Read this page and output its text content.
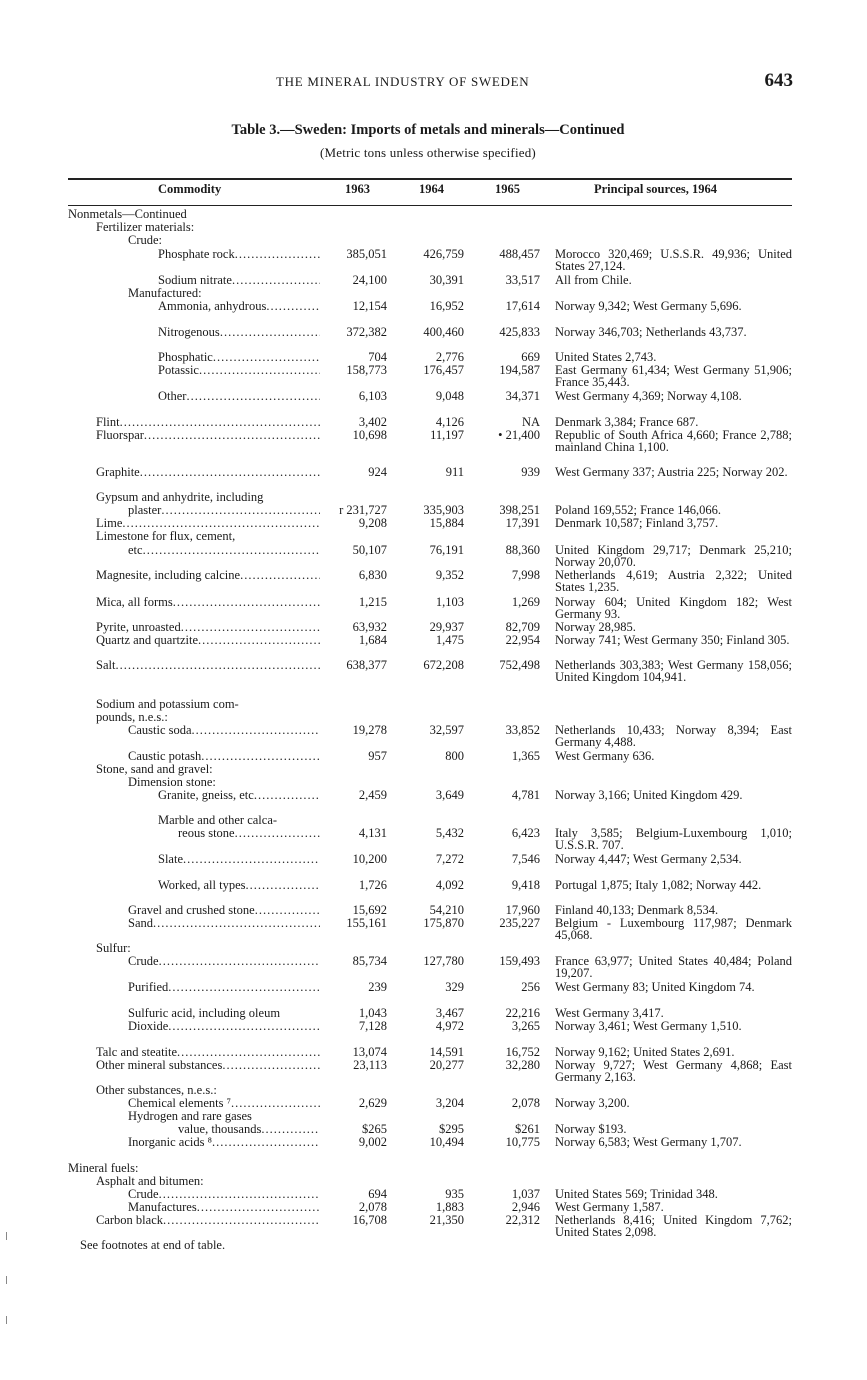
THE MINERAL INDUSTRY OF SWEDEN	643
Table 3.—Sweden: Imports of metals and minerals—Continued
(Metric tons unless otherwise specified)
Commodity	1963	1964	1965	Principal sources, 1964
Nonmetals—Continued
Fertilizer materials:
Crude:
Phosphate rock .....	385,051	426,759	488,457 Morocco 320,469; U.S.S.R. 49,936; United States 27,124.
Sodium nitrate .....	24,100	30,391	33,517 All from Chile.
Manufactured:
Ammonia, anhydrous .....	12,154	16,952	17,614 Norway 9,342; West Germany 5,696.
Nitrogenous .....	372,382	400,460	425,833 Norway 346,703; Netherlands 43,737.
Phosphatic .....	704	2,776	669 United States 2,743.
Potassic .....	158,773	176,457	194,587 East Germany 61,434; West Germany 51,906; France 35,443.
Other .....	6,103	9,048	34,371 West Germany 4,369; Norway 4,108.
Flint .....	3,402	4,126	NA Denmark 3,384; France 687.
Fluorspar .....	10,698	11,197	• 21,400 Republic of South Africa 4,660; France 2,788; mainland China 1,100.
Graphite .....	924	911	939 West Germany 337; Austria 225; Norway 202.
Gypsum and anhydrite, including
plaster .....	r 231,727	335,903	398,251 Poland 169,552; France 146,066.
Lime .....	9,208	15,884	17,391 Denmark 10,587; Finland 3,757.
Limestone for flux, cement,
etc .....	50,107	76,191	88,360 United Kingdom 29,717; Denmark 25,210; Norway 20,070.
Magnesite, including calcine .....	6,830	9,352	7,998 Netherlands 4,619; Austria 2,322; United States 1,235.
Mica, all forms .....	1,215	1,103	1,269 Norway 604; United Kingdom 182; West Germany 93.
Pyrite, unroasted .....	63,932	29,937	82,709 Norway 28,985.
Quartz and quartzite .....	1,684	1,475	22,954 Norway 741; West Germany 350; Finland 305.
Salt .....	638,377	672,208	752,498 Netherlands 303,383; West Germany 158,056; United Kingdom 104,941.
Sodium and potassium com-
pounds, n.e.s.:
Caustic soda .....	19,278	32,597	33,852 Netherlands 10,433; Norway 8,394; East Germany 4,488.
Caustic potash .....	957	800	1,365 West Germany 636.
Stone, sand and gravel:
Dimension stone:
Granite, gneiss, etc .....	2,459	3,649	4,781 Norway 3,166; United Kingdom 429.
Marble and other calca-
reous stone .....	4,131	5,432	6,423 Italy 3,585; Belgium-Luxembourg 1,010; U.S.S.R. 707.
Slate .....	10,200	7,272	7,546 Norway 4,447; West Germany 2,534.
Worked, all types .....	1,726	4,092	9,418 Portugal 1,875; Italy 1,082; Norway 442.
Gravel and crushed stone .....	15,692	54,210	17,960 Finland 40,133; Denmark 8,534.
Sand .....	155,161	175,870	235,227 Belgium - Luxembourg 117,987; Denmark 45,068.
Sulfur:
Crude .....	85,734	127,780	159,493 France 63,977; United States 40,484; Poland 19,207.
Purified .....	239	329	256 West Germany 83; United Kingdom 74.
Sulfuric acid, including oleum	1,043	3,467	22,216 West Germany 3,417.
Dioxide .....	7,128	4,972	3,265 Norway 3,461; West Germany 1,510.
Talc and steatite .....	13,074	14,591	16,752 Norway 9,162; United States 2,691.
Other mineral substances .....	23,113	20,277	32,280 Norway 9,727; West Germany 4,868; East Germany 2,163.
Other substances, n.e.s.:
Chemical elements ⁷ .....	2,629	3,204	2,078 Norway 3,200.
Hydrogen and rare gases
value, thousands .....	$265	$295	$261 Norway $193.
Inorganic acids ⁸ .....	9,002	10,494	10,775 Norway 6,583; West Germany 1,707.
Mineral fuels:
Asphalt and bitumen:
Crude .....	694	935	1,037 United States 569; Trinidad 348.
Manufactures .....	2,078	1,883	2,946 West Germany 1,587.
Carbon black .....	16,708	21,350	22,312 Netherlands 8,416; United Kingdom 7,762; United States 2,098.
See footnotes at end of table.
